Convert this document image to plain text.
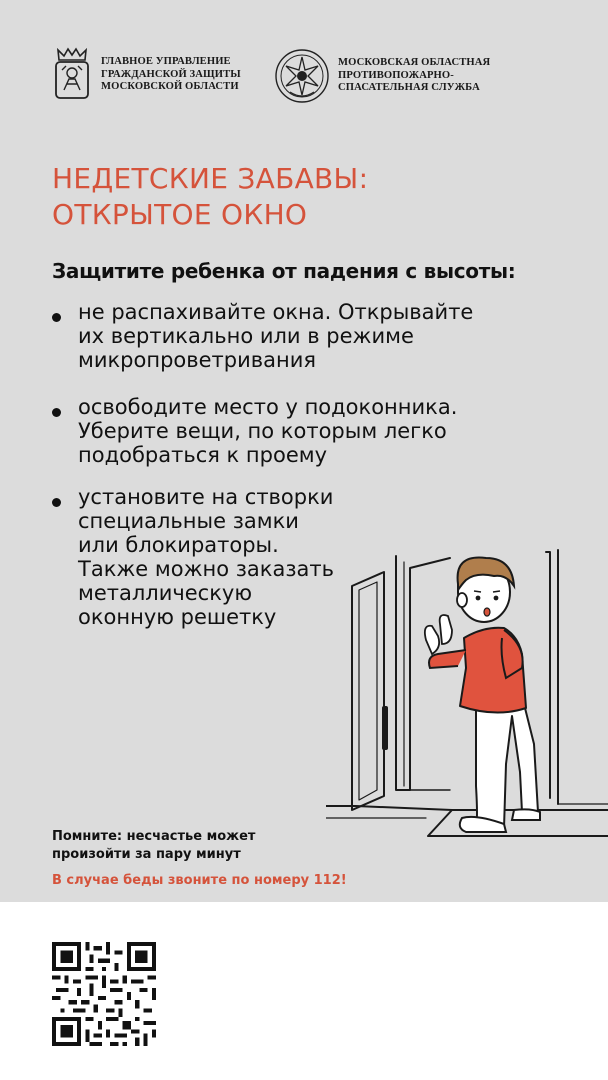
ГЛАВНОЕ УПРАВЛЕНИЕ
ГРАЖДАНСКОЙ ЗАЩИТЫ
МОСКОВСКОЙ ОБЛАСТИ
МОСКОВСКАЯ ОБЛАСТНАЯ
ПРОТИВОПОЖАРНО-
СПАСАТЕЛЬНАЯ СЛУЖБА
НЕДЕТСКИЕ ЗАБАВЫ:
ОТКРЫТОЕ ОКНО
Защитите ребенка от падения с высоты:
не распахивайте окна. Открывайте
их вертикально или в режиме
микропроветривания
освободите место у подоконника.
Уберите вещи, по которым легко
подобраться к проему
установите на створки
специальные замки
или блокираторы.
Также можно заказать
металлическую
оконную решетку
Помните: несчастье может
произойти за пару минут
В случае беды звоните по номеру 112!
